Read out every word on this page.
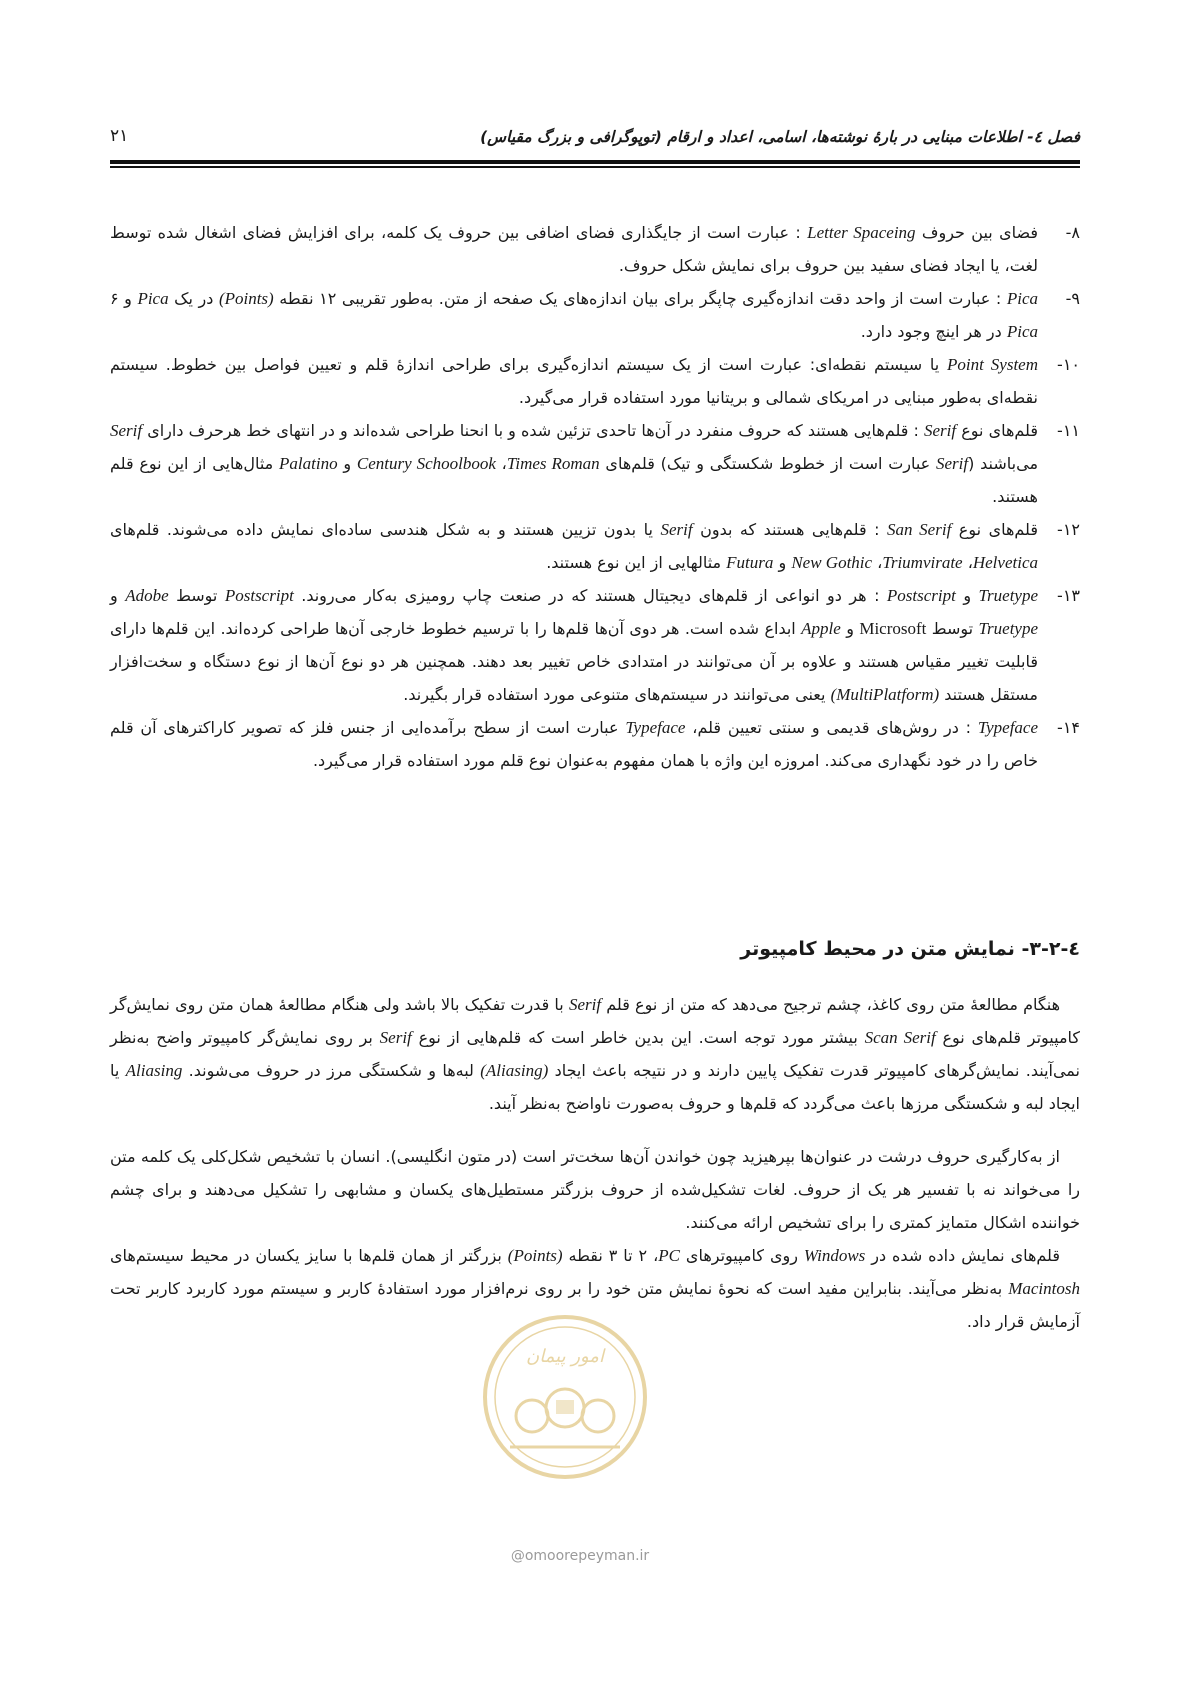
فصل ٤- اطلاعات مبنایی در بارهٔ نوشته‌ها، اسامی، اعداد و ارقام (توپوگرافی و بزرگ مقیاس)
۲۱
۸-
فضای بین حروف Letter Spaceing : عبارت است از جایگذاری فضای اضافی بین حروف یک کلمه، برای افزایش فضای اشغال شده توسط لغت، یا ایجاد فضای سفید بین حروف برای نمایش شکل حروف.
۹-
Pica : عبارت است از واحد دقت اندازه‌گیری چاپگر برای بیان اندازه‌های یک صفحه از متن. به‌طور تقریبی ۱۲ نقطه (Points) در یک Pica و ۶ Pica در هر اینچ وجود دارد.
۱۰-
Point System یا سیستم نقطه‌ای: عبارت است از یک سیستم اندازه‌گیری برای طراحی اندازهٔ قلم و تعیین فواصل بین خطوط. سیستم نقطه‌ای به‌طور مبنایی در امریکای شمالی و بریتانیا مورد استفاده قرار می‌گیرد.
۱۱-
قلم‌های نوع Serif : قلم‌هایی هستند که حروف منفرد در آن‌ها تاحدی تزئین شده و با انحنا طراحی شده‌اند و در انتهای خط هرحرف دارای Serif می‌باشند (Serif عبارت است از خطوط شکستگی و تیک) قلم‌های Times Roman، Century Schoolbook و Palatino مثال‌هایی از این نوع قلم هستند.
۱۲-
قلم‌های نوع San Serif : قلم‌هایی هستند که بدون Serif یا بدون تزیین هستند و به شکل هندسی ساده‌ای نمایش داده می‌شوند. قلم‌های Helvetica، Triumvirate، New Gothic و Futura مثالهایی از این نوع هستند.
۱۳-
Truetype و Postscript : هر دو انواعی از قلم‌های دیجیتال هستند که در صنعت چاپ رومیزی به‌کار می‌روند. Postscript توسط Adobe و Truetype توسط Microsoft و Apple ابداع شده است. هر دوی آن‌ها قلم‌ها را با ترسیم خطوط خارجی آن‌ها طراحی کرده‌اند. این قلم‌ها دارای قابلیت تغییر مقیاس هستند و علاوه بر آن می‌توانند در امتدادی خاص تغییر بعد دهند. همچنین هر دو نوع آن‌ها از نوع دستگاه و سخت‌افزار مستقل هستند (MultiPlatform) یعنی می‌توانند در سیستم‌های متنوعی مورد استفاده قرار بگیرند.
۱۴-
Typeface : در روش‌های قدیمی و سنتی تعیین قلم، Typeface عبارت است از سطح برآمده‌ایی از جنس فلز که تصویر کاراکترهای آن قلم خاص را در خود نگهداری می‌کند. امروزه این واژه با همان مفهوم به‌عنوان نوع قلم مورد استفاده قرار می‌گیرد.
٤-۳-۲- نمایش متن در محیط کامپیوتر

هنگام مطالعهٔ متن روی کاغذ، چشم ترجیح می‌دهد که متن از نوع قلم Serif با قدرت تفکیک بالا باشد ولی هنگام مطالعهٔ همان متن روی نمایش‌گر کامپیوتر قلم‌های نوع Scan Serif بیشتر مورد توجه است. این بدین خاطر است که قلم‌هایی از نوع Serif بر روی نمایش‌گر کامپیوتر واضح به‌نظر نمی‌آیند. نمایش‌گرهای کامپیوتر قدرت تفکیک پایین دارند و در نتیجه باعث ایجاد (Aliasing) لبه‌ها و شکستگی مرز در حروف می‌شوند. Aliasing یا ایجاد لبه و شکستگی مرزها باعث می‌گردد که قلم‌ها و حروف به‌صورت ناواضح به‌نظر آیند.

از به‌کارگیری حروف درشت در عنوان‌ها بپرهیزید چون خواندن آن‌ها سخت‌تر است (در متون انگلیسی). انسان با تشخیص شکل‌کلی یک کلمه متن را می‌خواند نه با تفسیر هر یک از حروف. لغات تشکیل‌شده از حروف بزرگتر مستطیل‌های یکسان و مشابهی را تشکیل می‌دهند و برای چشم خواننده اشکال متمایز کمتری را برای تشخیص ارائه می‌کنند.

قلم‌های نمایش داده شده در Windows روی کامپیوترهای PC، ۲ تا ۳ نقطه (Points) بزرگتر از همان قلم‌ها با سایز یکسان در محیط سیستم‌های Macintosh به‌نظر می‌آیند. بنابراین مفید است که نحوهٔ نمایش متن خود را بر روی نرم‌افزار مورد استفادهٔ کاربر و سیستم مورد کاربرد کاربر تحت آزمایش قرار داد.

امور پیمان
@omoorepeyman.ir
